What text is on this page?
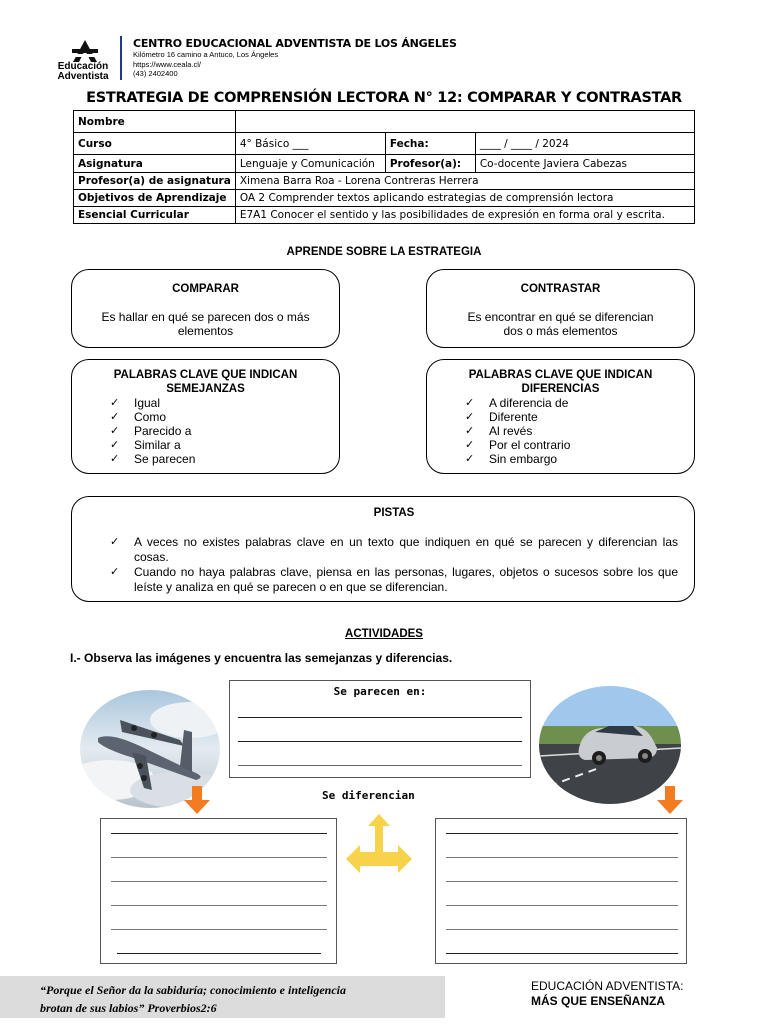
Educación
Adventista
CENTRO EDUCACIONAL ADVENTISTA DE LOS ÁNGELES
Kilómetro 16 camino a Antuco, Los Ángeles
https://www.ceala.cl/
(43) 2402400
ESTRATEGIA DE COMPRENSIÓN LECTORA N° 12: COMPARAR Y CONTRASTAR
Nombre			
Curso	4° Básico ___	Fecha:	____ / ____ / 2024
Asignatura	Lenguaje y Comunicación	Profesor(a):	Co-docente Javiera Cabezas
Profesor(a) de asignatura	Ximena Barra Roa - Lorena Contreras Herrera		
Objetivos de Aprendizaje	OA 2 Comprender textos aplicando estrategias de comprensión lectora		
Esencial Curricular	E7A1 Conocer el sentido y las posibilidades de expresión en forma oral y escrita.		
APRENDE SOBRE LA ESTRATEGIA
COMPARAR

Es hallar en qué se parecen dos o más

elementos

CONTRASTAR

Es encontrar en qué se diferencian

dos o más elementos

PALABRAS CLAVE QUE INDICAN
SEMEJANZAS
✓ Igual
✓ Como
✓ Parecido a
✓ Similar a
✓ Se parecen
PALABRAS CLAVE QUE INDICAN
DIFERENCIAS
✓ A diferencia de
✓ Diferente
✓ Al revés
✓ Por el contrario
✓ Sin embargo
PISTAS
✓ A veces no existes palabras clave en un texto que indiquen en qué se parecen y diferencian las cosas.
✓ Cuando no haya palabras clave, piensa en las personas, lugares, objetos o sucesos sobre los que leíste y analiza en qué se parecen o en que se diferencian.
ACTIVIDADES
I.- Observa las imágenes y encuentra las semejanzas y diferencias.
Se parecen en:
Se diferencian
“Porque el Señor da la sabiduría; conocimiento e inteligencia
brotan de sus labios” Proverbios2:6
EDUCACIÓN ADVENTISTA:
MÁS QUE ENSEÑANZA
